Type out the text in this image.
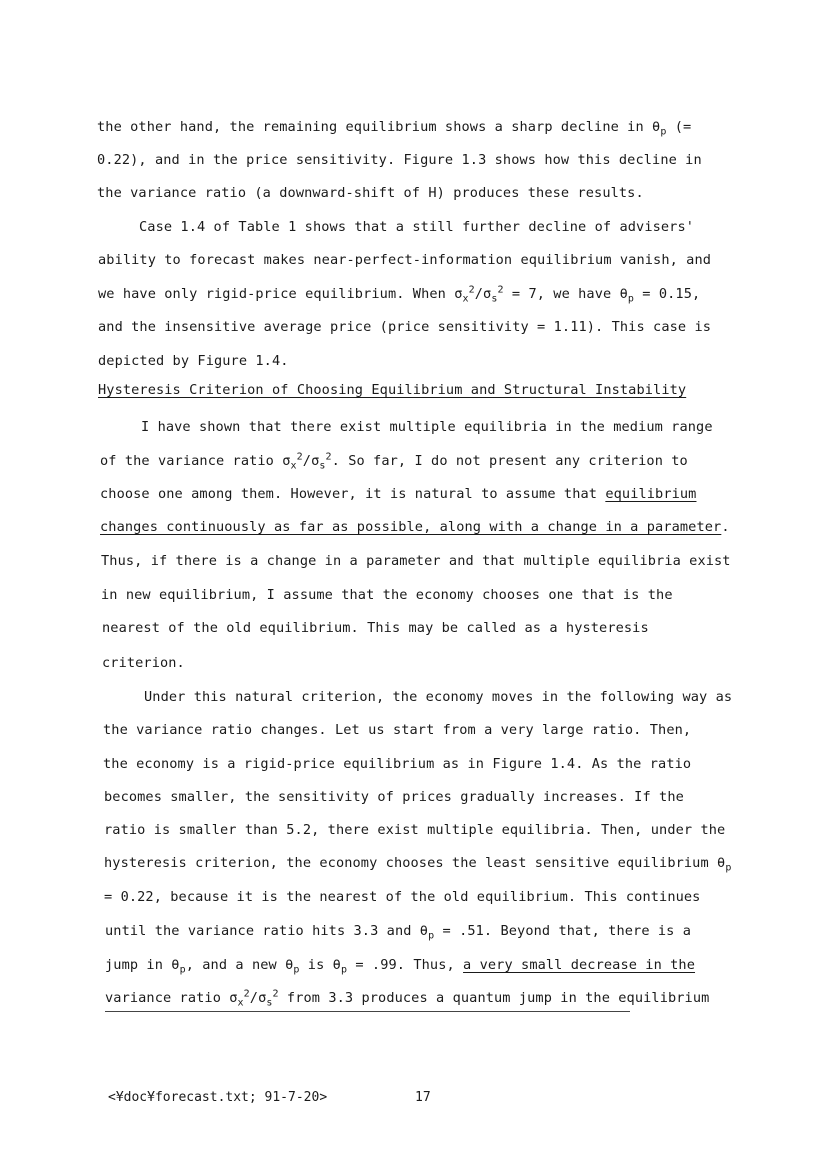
the other hand, the remaining equilibrium shows a sharp decline in $\theta_p$ (=
0.22), and in the price sensitivity. Figure 1.3 shows how this decline in
the variance ratio (a downward-shift of H) produces these results.
Case 1.4 of Table 1 shows that a still further decline of advisers'
ability to forecast makes near-perfect-information equilibrium vanish, and
we have only rigid-price equilibrium. When $\sigma_x^2/\sigma_s^2 = 7$, we have $\theta_p = 0.15$,
and the insensitive average price (price sensitivity = 1.11). This case is
depicted by Figure 1.4.
Hysteresis Criterion of Choosing Equilibrium and Structural Instability
I have shown that there exist multiple equilibria in the medium range
of the variance ratio $\sigma_x^2/\sigma_s^2$. So far, I do not present any criterion to
choose one among them. However, it is natural to assume that equilibrium
changes continuously as far as possible, along with a change in a parameter.
Thus, if there is a change in a parameter and that multiple equilibria exist
in new equilibrium, I assume that the economy chooses one that is the
nearest of the old equilibrium. This may be called as a hysteresis
criterion.
Under this natural criterion, the economy moves in the following way as
the variance ratio changes. Let us start from a very large ratio. Then,
the economy is a rigid-price equilibrium as in Figure 1.4. As the ratio
becomes smaller, the sensitivity of prices gradually increases. If the
ratio is smaller than 5.2, there exist multiple equilibria. Then, under the
hysteresis criterion, the economy chooses the least sensitive equilibrium $\theta_p$
= 0.22, because it is the nearest of the old equilibrium. This continues
until the variance ratio hits 3.3 and $\theta_p = .51$. Beyond that, there is a
jump in $\theta_p$, and a new $\theta_p$ is $\theta_p = .99$. Thus, a very small decrease in the
variance ratio $\sigma_x^2/\sigma_s^2$ from 3.3 produces a quantum jump in the equilibrium
<¥doc¥forecast.txt; 91-7-20>	17
